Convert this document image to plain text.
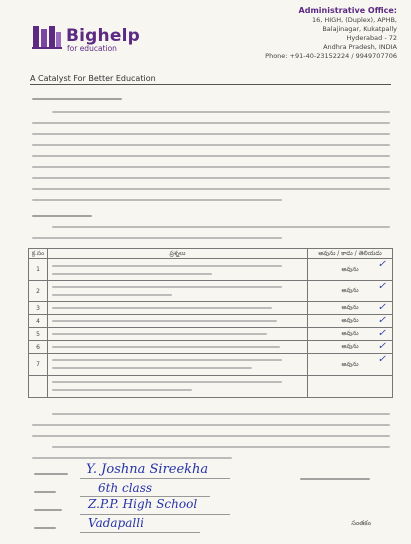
Bighelp
for education
A Catalyst For Better Education
Administrative Office:
16, HIGH, (Duplex), APHB,
Balajinagar, Kukatpally
Hyderabad - 72
Andhra Pradesh, INDIA
Phone: +91-40-23152224 / 9949707706
క్ర.సం	ప్రశ్నలు	అవును / కాదు / తెలియదు
1		అవును ✓

2		అవును ✓

3		అవును ✓

4		అవును ✓

5		అవును ✓

6		అవును ✓

7		అవును ✓

Y. Joshna Sireekha
6th class
Z.P.P. High School
Vadapalli	సంతకం
